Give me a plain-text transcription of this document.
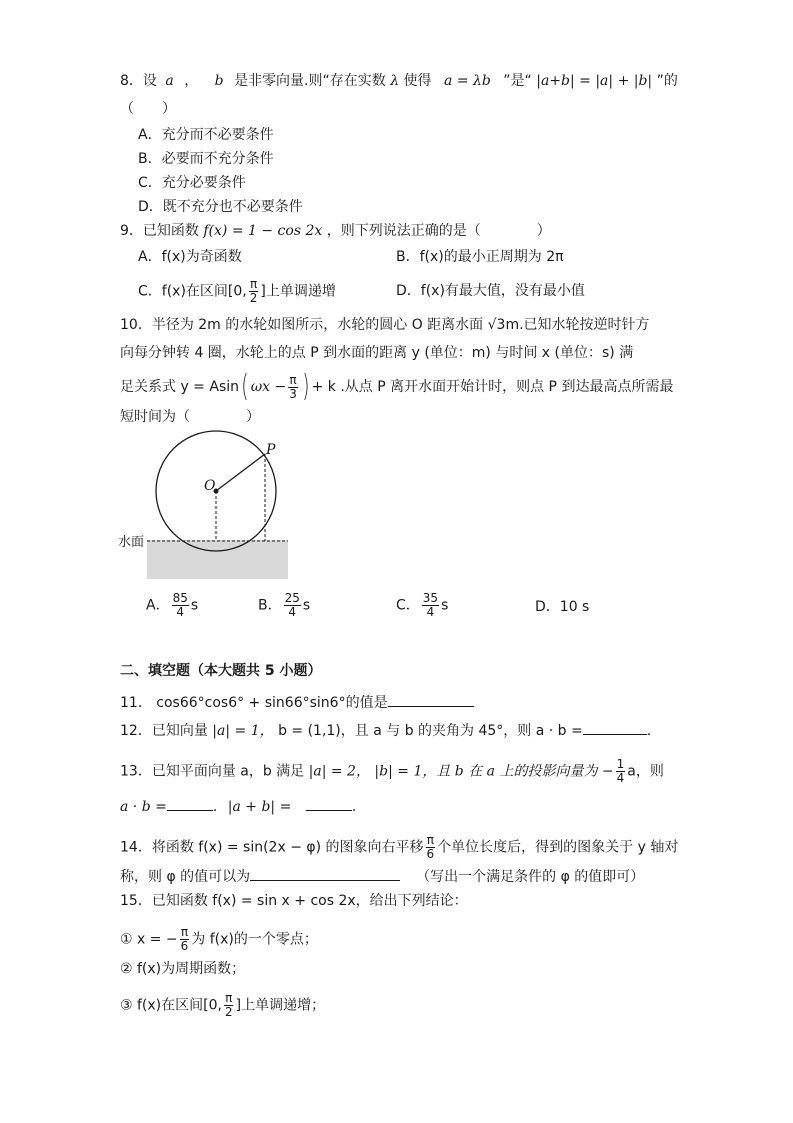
8．设 a ， b 是非零向量.则“存在实数 λ 使得 a = λb ”是“ |a+b| = |a| + |b| ”的
（　　）
A．充分而不必要条件
B．必要而不充分条件
C．充分必要条件
D．既不充分也不必要条件
9．已知函数 f(x) = 1 − cos 2x ，则下列说法正确的是（　　　　）
A．f(x)为奇函数	B．f(x)的最小正周期为 2π
C．f(x)在区间[0, $\frac{\pi}{2}$ ]上单调递增	D．f(x)有最大值，没有最小值
10．半径为 2m 的水轮如图所示，水轮的圆心 O 距离水面 √3m.已知水轮按逆时针方
向每分钟转 4 圈，水轮上的点 P 到水面的距离 y (单位：m) 与时间 x (单位：s) 满
足关系式 y = Asin( $\omega x - \frac{\pi}{3}$ ) + k .从点 P 离开水面开始计时，则点 P 到达最高点所需最
短时间为（　　　　）
O
P
水面
A． $\frac{85}{4}$ s	B． $\frac{25}{4}$ s	C． $\frac{35}{4}$ s	D．10 s
二、填空题（本大题共 5 小题）
11． cos66°cos6° + sin66°sin6°的值是
12．已知向量 |a| = 1， b = (1,1)，且 a 与 b 的夹角为 45°，则 a · b =	.
13．已知平面向量 a，b 满足 |a| = 2， |b| = 1，且 b 在 a 上的投影向量为 − $\frac{1}{4}$ a，则
a · b =	. |a + b| =	.
14．将函数 f(x) = sin(2x − φ) 的图象向右平移 $\frac{\pi}{6}$ 个单位长度后，得到的图象关于 y 轴对
称，则 φ 的值可以为	（写出一个满足条件的 φ 的值即可）
15．已知函数 f(x) = sin x + cos 2x，给出下列结论：
① x = − $\frac{\pi}{6}$ 为 f(x)的一个零点；
② f(x)为周期函数；
③ f(x)在区间[0, $\frac{\pi}{2}$ ]上单调递增；
